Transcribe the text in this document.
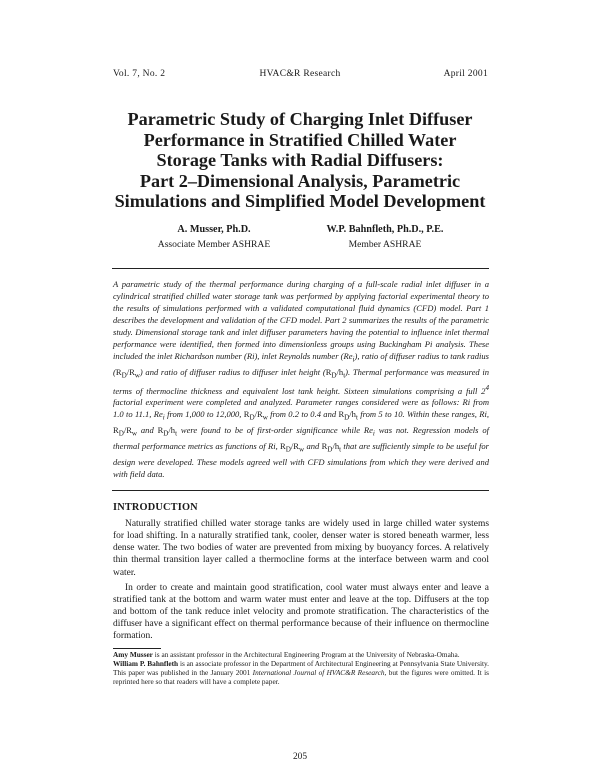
Vol. 7, No. 2	HVAC&R Research	April 2001
Parametric Study of Charging Inlet Diffuser
Performance in Stratified Chilled Water
Storage Tanks with Radial Diffusers:
Part 2–Dimensional Analysis, Parametric
Simulations and Simplified Model Development
A. Musser, Ph.D.
Associate Member ASHRAE
W.P. Bahnfleth, Ph.D., P.E.
Member ASHRAE
A parametric study of the thermal performance during charging of a full-scale radial inlet diffuser in a cylindrical stratified chilled water storage tank was performed by applying factorial experimental theory to the results of simulations performed with a validated computational fluid dynamics (CFD) model. Part 1 describes the development and validation of the CFD model. Part 2 summarizes the results of the parametric study. Dimensional storage tank and inlet diffuser parameters having the potential to influence inlet thermal performance were identified, then formed into dimensionless groups using Buckingham Pi analysis. These included the inlet Richardson number (Ri), inlet Reynolds number $(Re_i)$, ratio of diffuser radius to tank radius $(R_D/R_w)$ and ratio of diffuser radius to diffuser inlet height $(R_D/h_t)$. Thermal performance was measured in terms of thermocline thickness and equivalent lost tank height. Sixteen simulations comprising a full $2^4$ factorial experiment were completed and analyzed. Parameter ranges considered were as follows: Ri from 1.0 to 11.1, $Re_i$ from 1,000 to 12,000, $R_D/R_w$ from 0.2 to 0.4 and $R_D/h_t$ from 5 to 10. Within these ranges, Ri, $R_D/R_w$ and $R_D/h_t$ were found to be of first-order significance while $Re_i$ was not. Regression models of thermal performance metrics as functions of Ri, $R_D/R_w$ and $R_D/h_t$ that are sufficiently simple to be useful for design were developed. These models agreed well with CFD simulations from which they were derived and with field data.
INTRODUCTION

Naturally stratified chilled water storage tanks are widely used in large chilled water systems for load shifting. In a naturally stratified tank, cooler, denser water is stored beneath warmer, less dense water. The two bodies of water are prevented from mixing by buoyancy forces. A relatively thin thermal transition layer called a thermocline forms at the interface between warm and cool water.

In order to create and maintain good stratification, cool water must always enter and leave a stratified tank at the bottom and warm water must enter and leave at the top. Diffusers at the top and bottom of the tank reduce inlet velocity and promote stratification. The characteristics of the diffuser have a significant effect on thermal performance because of their influence on thermocline formation.

Amy Musser is an assistant professor in the Architectural Engineering Program at the University of Nebraska-Omaha.
William P. Bahnfleth is an associate professor in the Department of Architectural Engineering at Pennsylvania State University. This paper was published in the January 2001 International Journal of HVAC&R Research, but the figures were omitted. It is reprinted here so that readers will have a complete paper.
205
